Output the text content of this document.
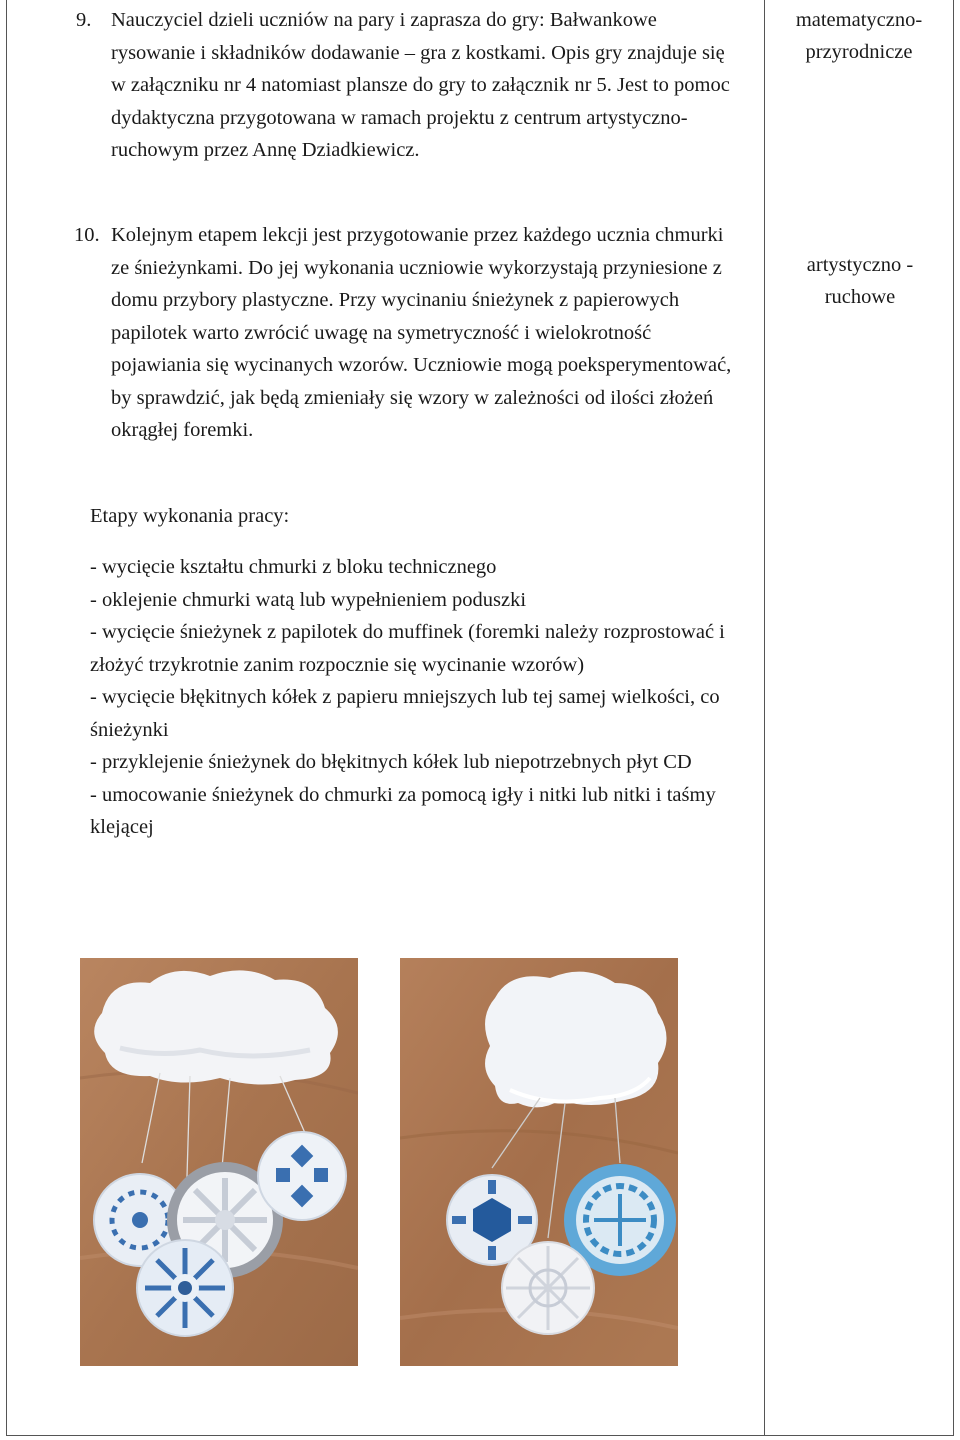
9. Nauczyciel dzieli uczniów na pary i zaprasza do gry: Bałwankowe rysowanie i składników dodawanie – gra z kostkami. Opis gry znajduje się w załączniku nr 4 natomiast plansze do gry to załącznik nr 5. Jest to pomoc dydaktyczna przygotowana w ramach projektu z centrum artystyczno-ruchowym przez Annę Dziadkiewicz.
matematyczno-przyrodnicze
10. Kolejnym etapem lekcji jest przygotowanie przez każdego ucznia chmurki ze śnieżynkami. Do jej wykonania uczniowie wykorzystają przyniesione z domu przybory plastyczne. Przy wycinaniu śnieżynek z papierowych papilotek warto zwrócić uwagę na symetryczność i wielokrotność pojawiania się wycinanych wzorów. Uczniowie mogą poeksperymentować, by sprawdzić, jak będą zmieniały się wzory w zależności od ilości złożeń okrągłej foremki.
artystyczno - ruchowe
Etapy wykonania pracy:
- wycięcie kształtu chmurki z bloku technicznego
- oklejenie chmurki watą lub wypełnieniem poduszki
- wycięcie śnieżynek z papilotek do muffinek (foremki należy rozprostować i złożyć trzykrotnie zanim rozpocznie się wycinanie wzorów)
- wycięcie błękitnych kółek z papieru mniejszych lub tej samej wielkości, co śnieżynki
- przyklejenie śnieżynek do błękitnych kółek lub niepotrzebnych płyt CD
- umocowanie śnieżynek do chmurki za pomocą igły i nitki lub nitki i taśmy klejącej
